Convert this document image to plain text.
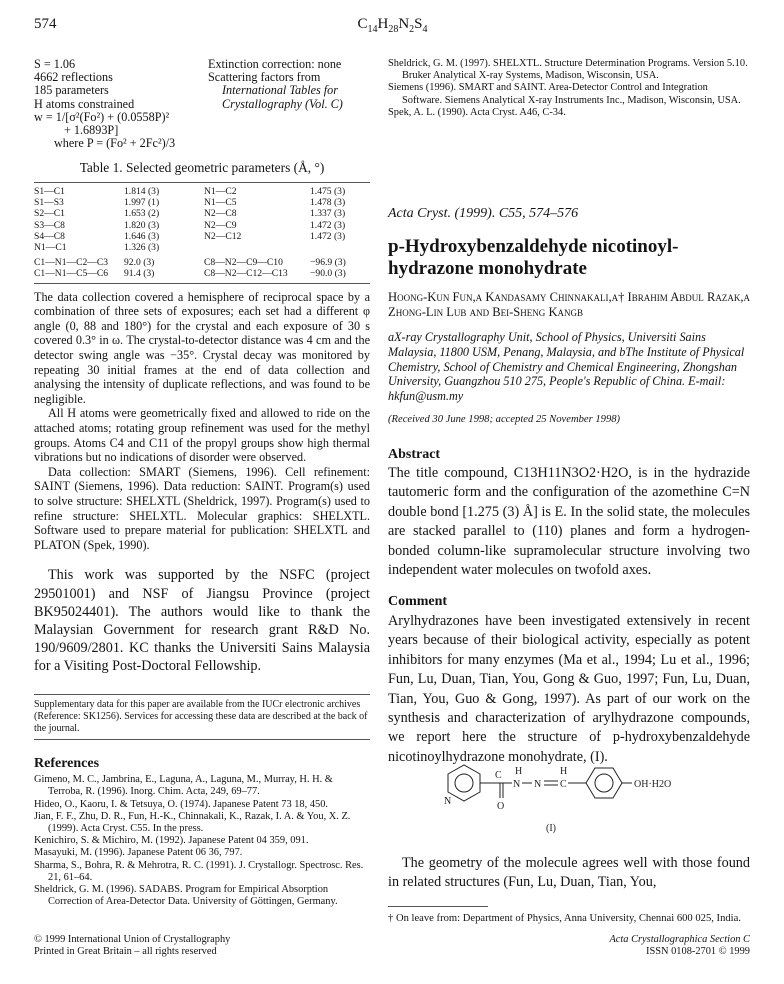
574	$C_{14}H_{28}N_2S_4$
S = 1.06
4662 reflections
185 parameters
H atoms constrained
w = 1/[σ²(Fo²) + (0.0558P)²
+ 1.6893P]
where P = (Fo² + 2Fc²)/3
Extinction correction: none
Scattering factors from
International Tables for
Crystallography (Vol. C)
Table 1. Selected geometric parameters (Å, °)
S1—C1	1.814 (3)	N1—C2	1.475 (3)
S1—S3	1.997 (1)	N1—C5	1.478 (3)
S2—C1	1.653 (2)	N2—C8	1.337 (3)
S3—C8	1.820 (3)	N2—C9	1.472 (3)
S4—C8	1.646 (3)	N2—C12	1.472 (3)
N1—C1	1.326 (3)		
C1—N1—C2—C3	92.0 (3)	C8—N2—C9—C10	−96.9 (3)
C1—N1—C5—C6	91.4 (3)	C8—N2—C12—C13	−90.0 (3)

The data collection covered a hemisphere of reciprocal space by a combination of three sets of exposures; each set had a different φ angle (0, 88 and 180°) for the crystal and each exposure of 30 s covered 0.3° in ω. The crystal-to-detector distance was 4 cm and the detector swing angle was −35°. Crystal decay was monitored by repeating 30 initial frames at the end of data collection and analysing the intensity of duplicate reflections, and was found to be negligible.

All H atoms were geometrically fixed and allowed to ride on the attached atoms; rotating group refinement was used for the methyl groups. Atoms C4 and C11 of the propyl groups show high thermal vibrations but no indications of disorder were observed.

Data collection: SMART (Siemens, 1996). Cell refinement: SAINT (Siemens, 1996). Data reduction: SAINT. Program(s) used to solve structure: SHELXTL (Sheldrick, 1997). Program(s) used to refine structure: SHELXTL. Molecular graphics: SHELXTL. Software used to prepare material for publication: SHELXTL and PLATON (Spek, 1990).

This work was supported by the NSFC (project 29501001) and NSF of Jiangsu Province (project BK95024401). The authors would like to thank the Malaysian Government for research grant R&D No. 190/9609/2801. KC thanks the Universiti Sains Malaysia for a Visiting Post-Doctoral Fellowship.

Supplementary data for this paper are available from the IUCr electronic archives (Reference: SK1256). Services for accessing these data are described at the back of the journal.

References

Gimeno, M. C., Jambrina, E., Laguna, A., Laguna, M., Murray, H. H. & Terroba, R. (1996). Inorg. Chim. Acta, 249, 69–77.

Hideo, O., Kaoru, I. & Tetsuya, O. (1974). Japanese Patent 73 18, 450.

Jian, F. F., Zhu, D. R., Fun, H.-K., Chinnakali, K., Razak, I. A. & You, X. Z. (1999). Acta Cryst. C55. In the press.

Kenichiro, S. & Michiro, M. (1992). Japanese Patent 04 359, 091.

Masayuki, M. (1996). Japanese Patent 06 36, 797.

Sharma, S., Bohra, R. & Mehrotra, R. C. (1991). J. Crystallogr. Spectrosc. Res. 21, 61–64.

Sheldrick, G. M. (1996). SADABS. Program for Empirical Absorption Correction of Area-Detector Data. University of Göttingen, Germany.

© 1999 International Union of Crystallography
Printed in Great Britain – all rights reserved

Sheldrick, G. M. (1997). SHELXTL. Structure Determination Programs. Version 5.10. Bruker Analytical X-ray Systems, Madison, Wisconsin, USA.

Siemens (1996). SMART and SAINT. Area-Detector Control and Integration Software. Siemens Analytical X-ray Instruments Inc., Madison, Wisconsin, USA.

Spek, A. L. (1990). Acta Cryst. A46, C-34.

Acta Cryst. (1999). C55, 574–576
p-Hydroxybenzaldehyde nicotinoyl-
hydrazone monohydrate
Hoong-Kun Fun,a Kandasamy Chinnakali,a† Ibrahim Abdul Razak,a Zhong-Lin Lub and Bei-Sheng Kangb
aX-ray Crystallography Unit, School of Physics, Universiti Sains Malaysia, 11800 USM, Penang, Malaysia, and bThe Institute of Physical Chemistry, School of Chemistry and Chemical Engineering, Zhongshan University, Guangzhou 510 275, People's Republic of China. E-mail: hkfun@usm.my
(Received 30 June 1998; accepted 25 November 1998)
Abstract

The title compound, C13H11N3O2·H2O, is in the hydrazide tautomeric form and the configuration of the azomethine C=N double bond [1.275 (3) Å] is E. In the solid state, the molecules are stacked parallel to (110) planes and form a hydrogen-bonded column-like supramolecular structure involving two independent water molecules on twofold axes.

Comment

Arylhydrazones have been investigated extensively in recent years because of their biological activity, especially as potent inhibitors for many enzymes (Ma et al., 1994; Lu et al., 1996; Fun, Lu, Duan, Tian, You, Gong & Guo, 1997; Fun, Lu, Duan, Tian, You, Guo & Gong, 1997). As part of our work on the synthesis and characterization of arylhydrazone compounds, we report here the structure of p-hydroxybenzaldehyde nicotinoylhydrazone monohydrate, (I).

N
C
O
N
H
N C
H
OH·H2O
(I)

The geometry of the molecule agrees well with those found in related structures (Fun, Lu, Duan, Tian, You,

† On leave from: Department of Physics, Anna University, Chennai 600 025, India.

Acta Crystallographica Section C
ISSN 0108-2701 © 1999
